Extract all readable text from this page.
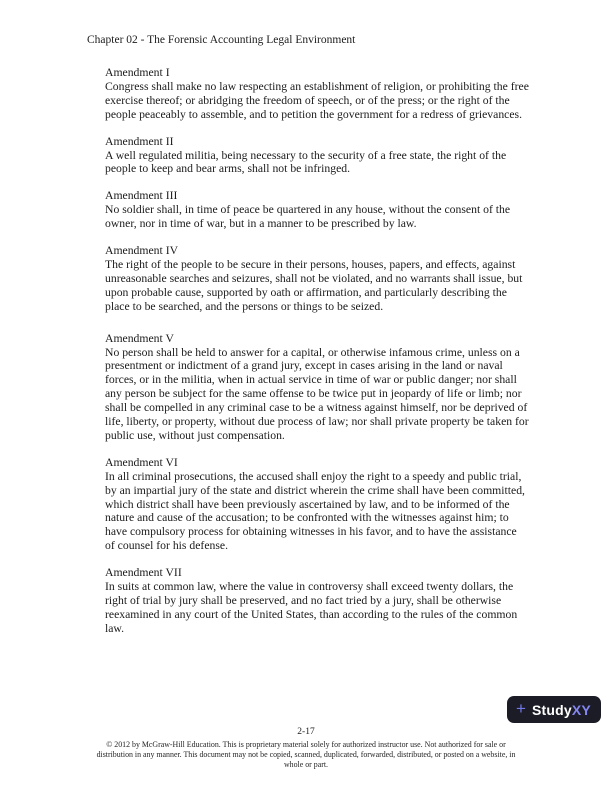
Chapter 02 - The Forensic Accounting Legal Environment
Amendment I
Congress shall make no law respecting an establishment of religion, or prohibiting the free exercise thereof; or abridging the freedom of speech, or of the press; or the right of the people peaceably to assemble, and to petition the government for a redress of grievances.
Amendment II
A well regulated militia, being necessary to the security of a free state, the right of the people to keep and bear arms, shall not be infringed.
Amendment III
No soldier shall, in time of peace be quartered in any house, without the consent of the owner, nor in time of war, but in a manner to be prescribed by law.
Amendment IV
The right of the people to be secure in their persons, houses, papers, and effects, against unreasonable searches and seizures, shall not be violated, and no warrants shall issue, but upon probable cause, supported by oath or affirmation, and particularly describing the place to be searched, and the persons or things to be seized.
Amendment V
No person shall be held to answer for a capital, or otherwise infamous crime, unless on a presentment or indictment of a grand jury, except in cases arising in the land or naval forces, or in the militia, when in actual service in time of war or public danger; nor shall any person be subject for the same offense to be twice put in jeopardy of life or limb; nor shall be compelled in any criminal case to be a witness against himself, nor be deprived of life, liberty, or property, without due process of law; nor shall private property be taken for public use, without just compensation.
Amendment VI
In all criminal prosecutions, the accused shall enjoy the right to a speedy and public trial, by an impartial jury of the state and district wherein the crime shall have been committed, which district shall have been previously ascertained by law, and to be informed of the nature and cause of the accusation; to be confronted with the witnesses against him; to have compulsory process for obtaining witnesses in his favor, and to have the assistance of counsel for his defense.
Amendment VII
In suits at common law, where the value in controversy shall exceed twenty dollars, the right of trial by jury shall be preserved, and no fact tried by a jury, shall be otherwise reexamined in any court of the United States, than according to the rules of the common law.
+ Study XY
2-17
© 2012 by McGraw-Hill Education. This is proprietary material solely for authorized instructor use. Not authorized for sale or
distribution in any manner. This document may not be copied, scanned, duplicated, forwarded, distributed, or posted on a website, in
whole or part.
